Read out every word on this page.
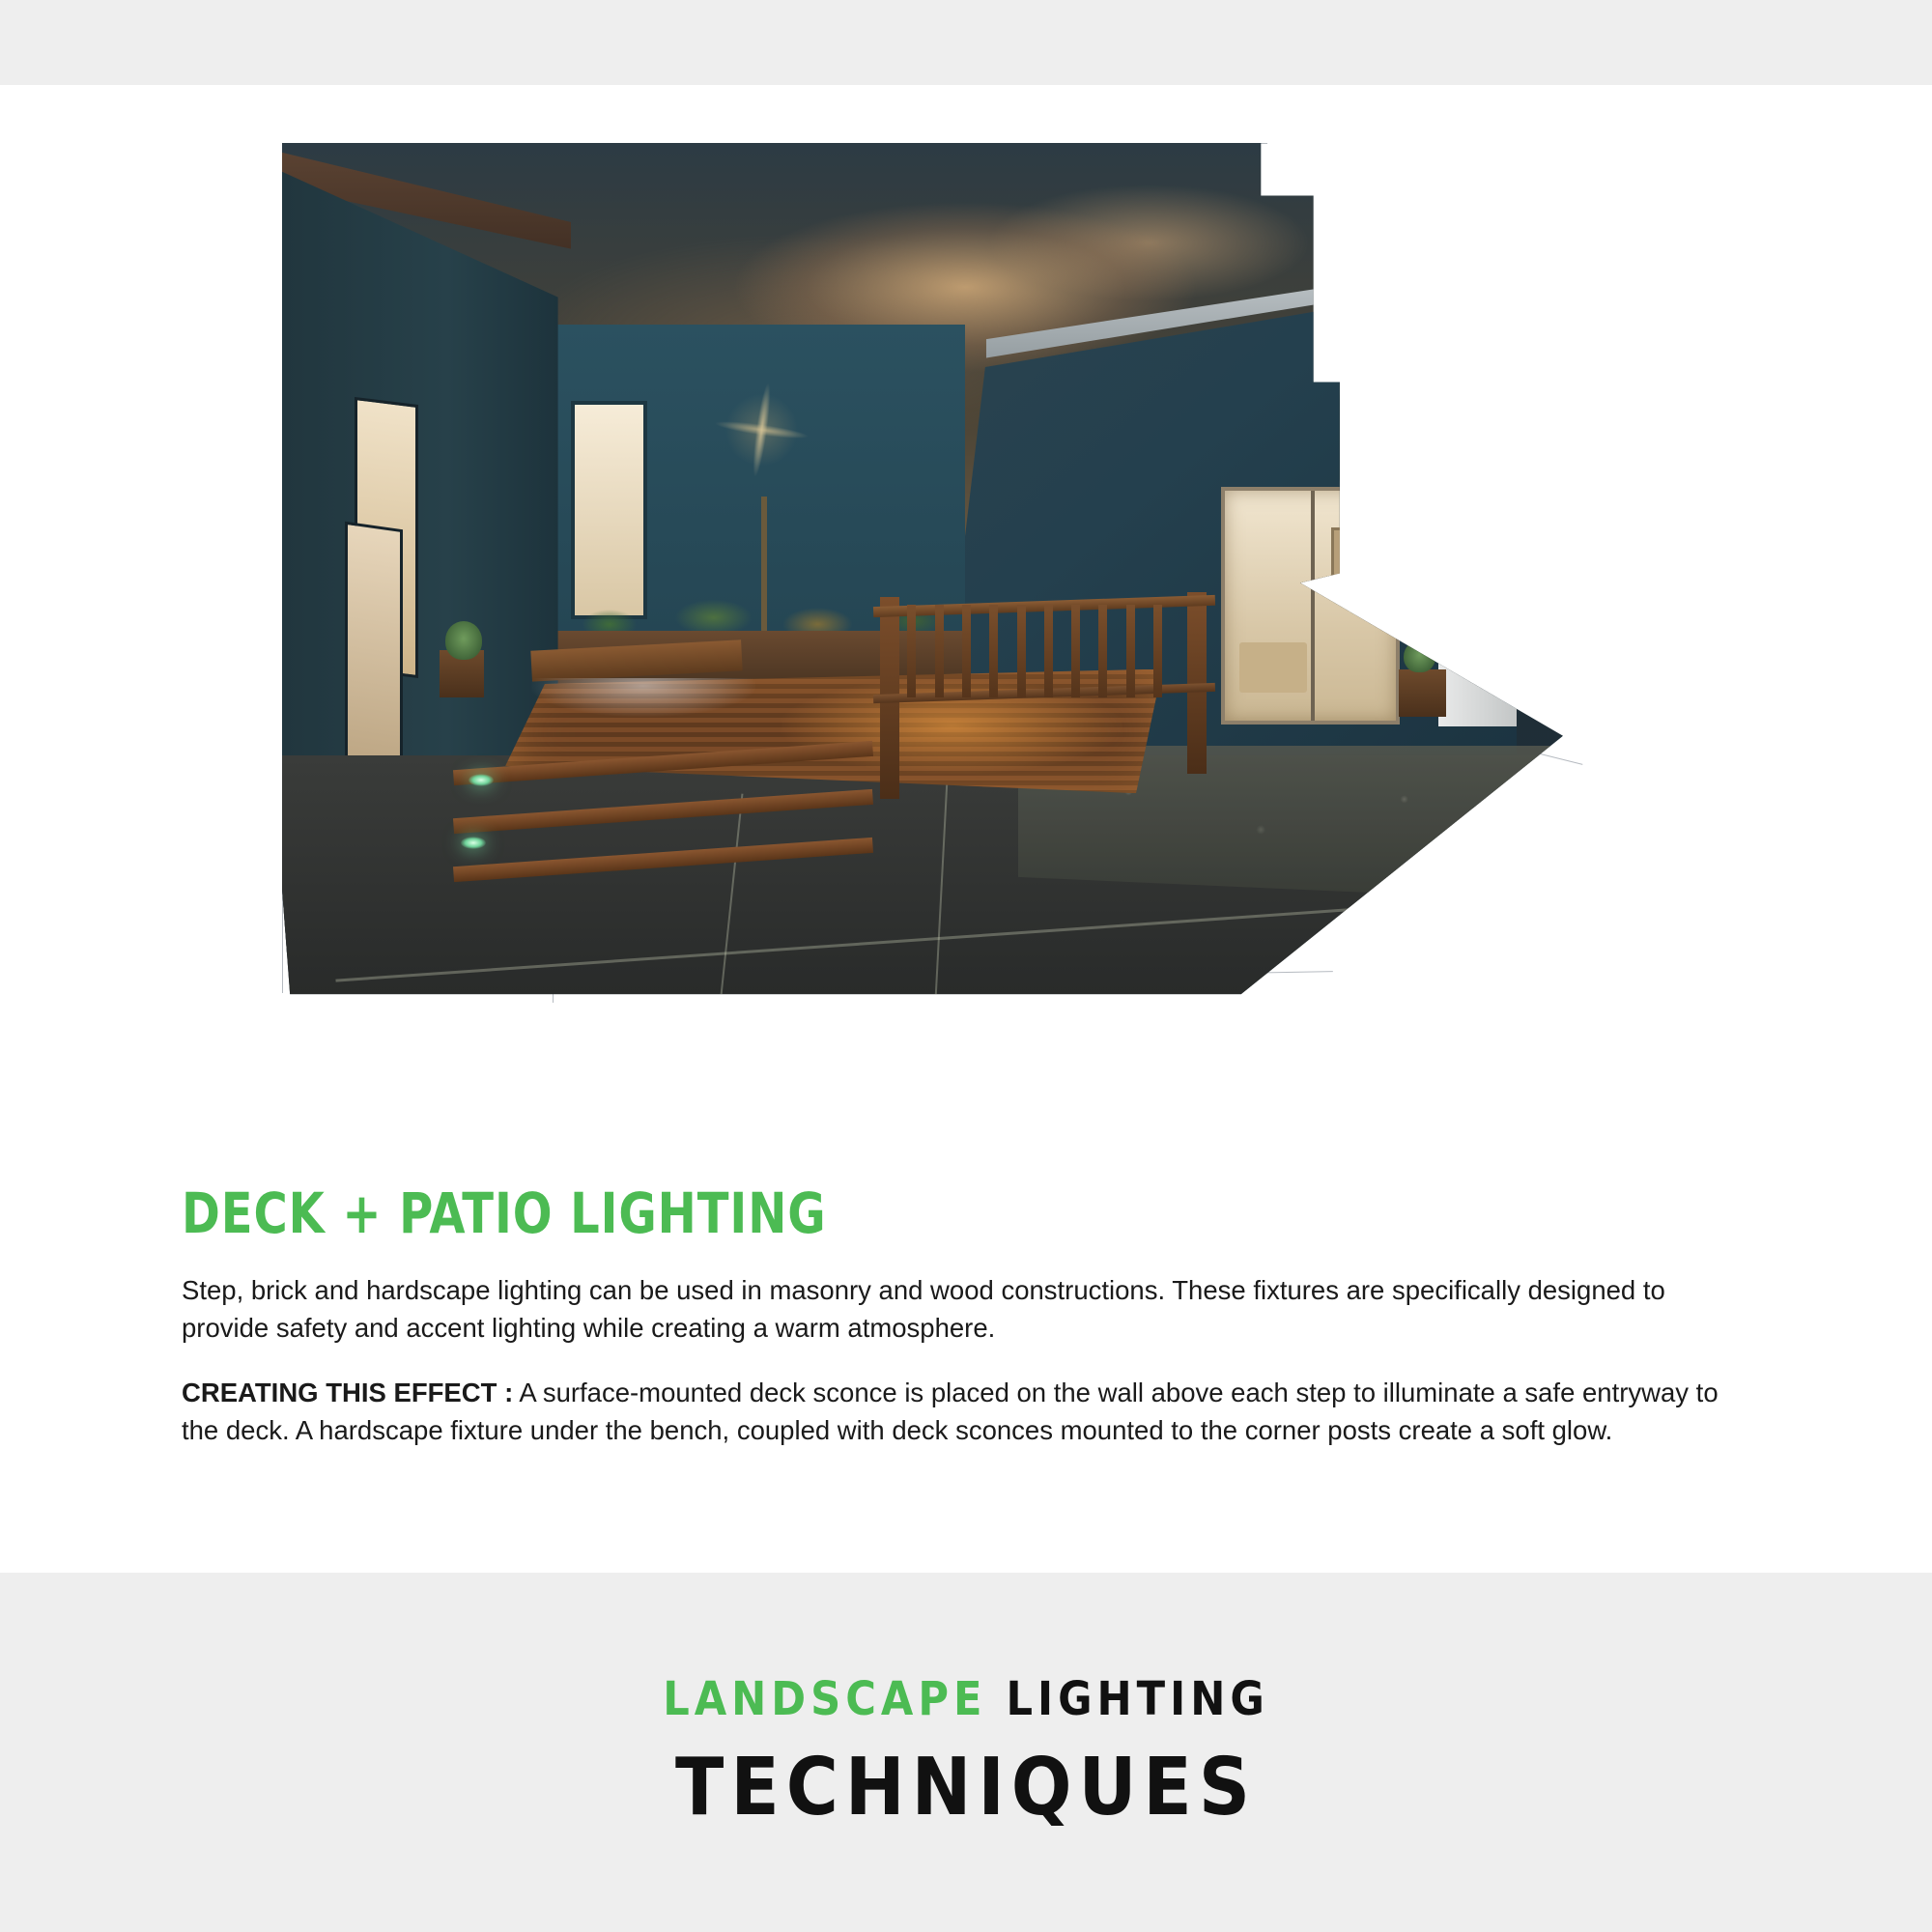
DECK + PATIO LIGHTING

Step, brick and hardscape lighting can be used in masonry and wood constructions. These fixtures are specifically designed to provide safety and accent lighting while creating a warm atmosphere.

CREATING THIS EFFECT : A surface-mounted deck sconce is placed on the wall above each step to illuminate a safe entryway to the deck. A hardscape fixture under the bench, coupled with deck sconces mounted to the corner posts create a soft glow.

LANDSCAPE LIGHTING
TECHNIQUES
